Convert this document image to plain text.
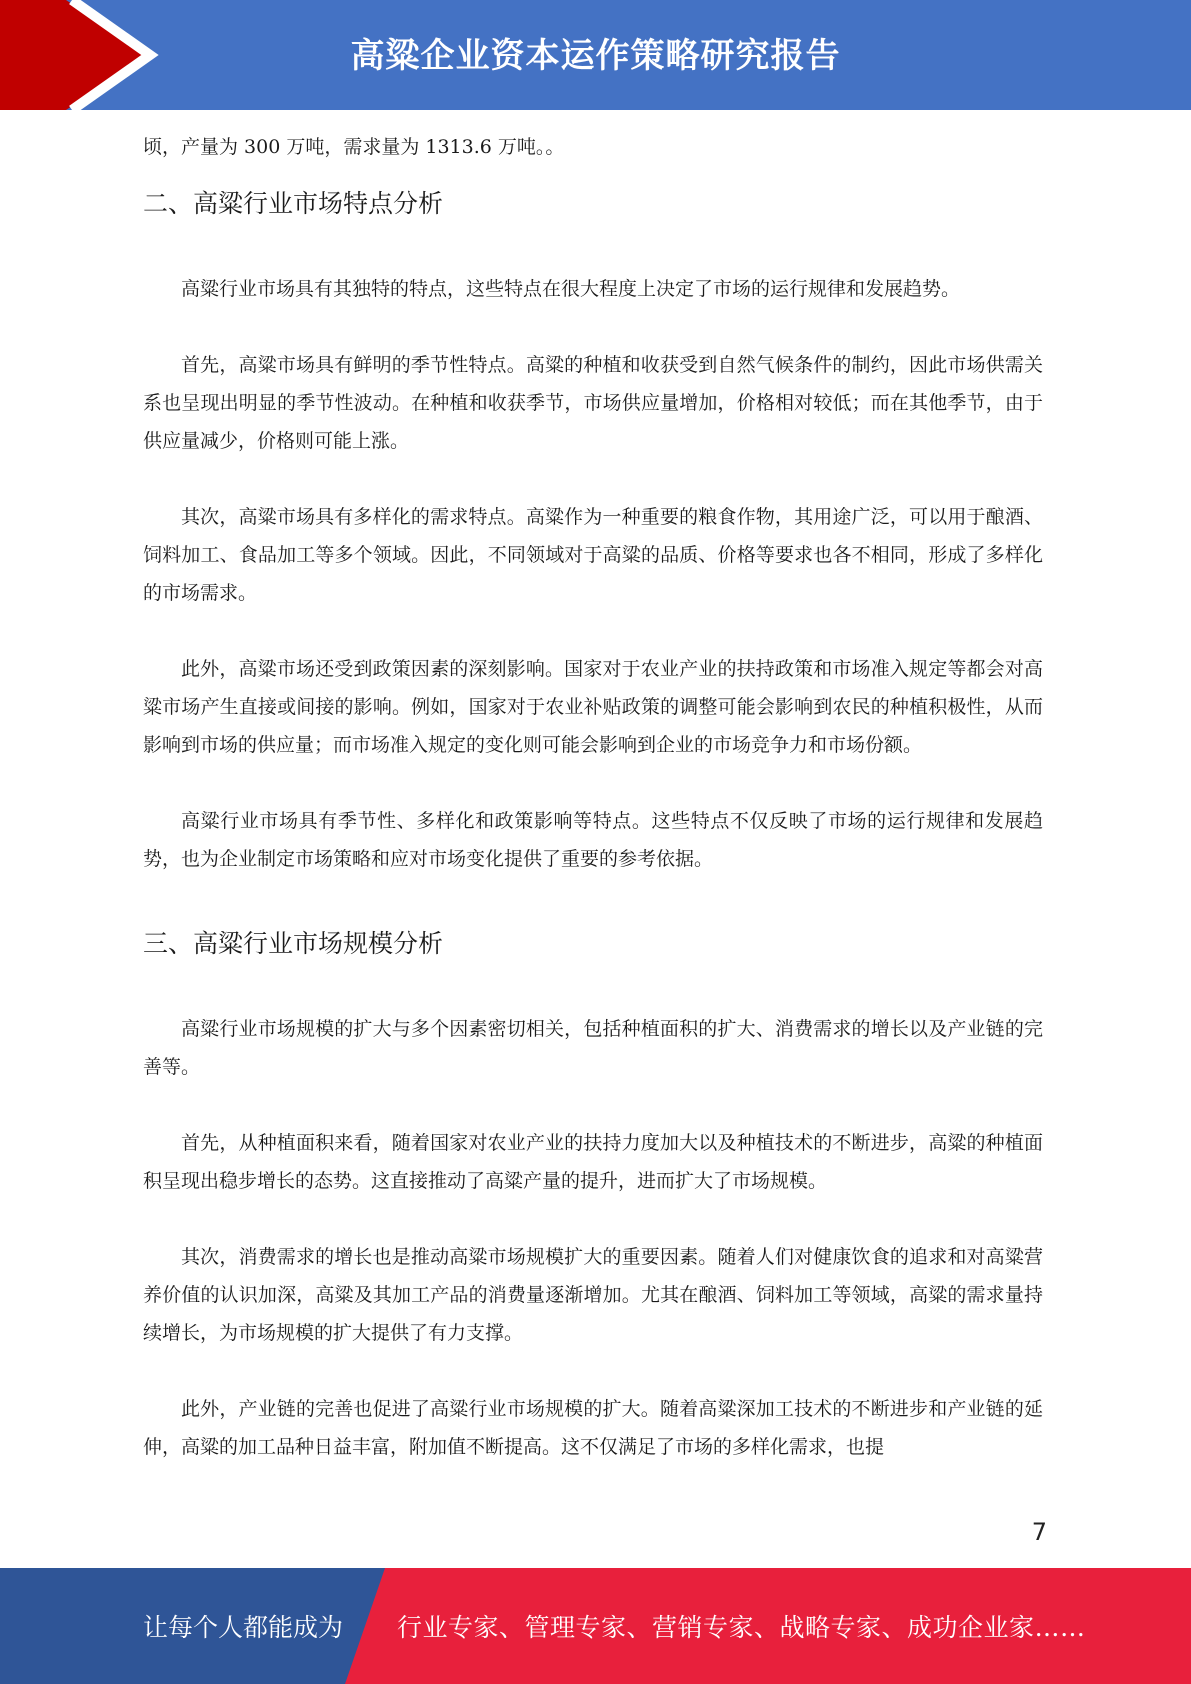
高粱企业资本运作策略研究报告

顷，产量为 300 万吨，需求量为 1313.6 万吨。。

二、高粱行业市场特点分析

高粱行业市场具有其独特的特点，这些特点在很大程度上决定了市场的运行规律和发展趋势。

首先，高粱市场具有鲜明的季节性特点。高粱的种植和收获受到自然气候条件的制约，因此市场供需关系也呈现出明显的季节性波动。在种植和收获季节，市场供应量增加，价格相对较低；而在其他季节，由于供应量减少，价格则可能上涨。

其次，高粱市场具有多样化的需求特点。高粱作为一种重要的粮食作物，其用途广泛，可以用于酿酒、饲料加工、食品加工等多个领域。因此，不同领域对于高粱的品质、价格等要求也各不相同，形成了多样化的市场需求。

此外，高粱市场还受到政策因素的深刻影响。国家对于农业产业的扶持政策和市场准入规定等都会对高粱市场产生直接或间接的影响。例如，国家对于农业补贴政策的调整可能会影响到农民的种植积极性，从而影响到市场的供应量；而市场准入规定的变化则可能会影响到企业的市场竞争力和市场份额。

高粱行业市场具有季节性、多样化和政策影响等特点。这些特点不仅反映了市场的运行规律和发展趋势，也为企业制定市场策略和应对市场变化提供了重要的参考依据。

三、高粱行业市场规模分析

高粱行业市场规模的扩大与多个因素密切相关，包括种植面积的扩大、消费需求的增长以及产业链的完善等。

首先，从种植面积来看，随着国家对农业产业的扶持力度加大以及种植技术的不断进步，高粱的种植面积呈现出稳步增长的态势。这直接推动了高粱产量的提升，进而扩大了市场规模。

其次，消费需求的增长也是推动高粱市场规模扩大的重要因素。随着人们对健康饮食的追求和对高粱营养价值的认识加深，高粱及其加工产品的消费量逐渐增加。尤其在酿酒、饲料加工等领域，高粱的需求量持续增长，为市场规模的扩大提供了有力支撑。

此外，产业链的完善也促进了高粱行业市场规模的扩大。随着高粱深加工技术的不断进步和产业链的延伸，高粱的加工品种日益丰富，附加值不断提高。这不仅满足了市场的多样化需求，也提

7
让每个人都能成为 行业专家、管理专家、营销专家、战略专家、成功企业家……
